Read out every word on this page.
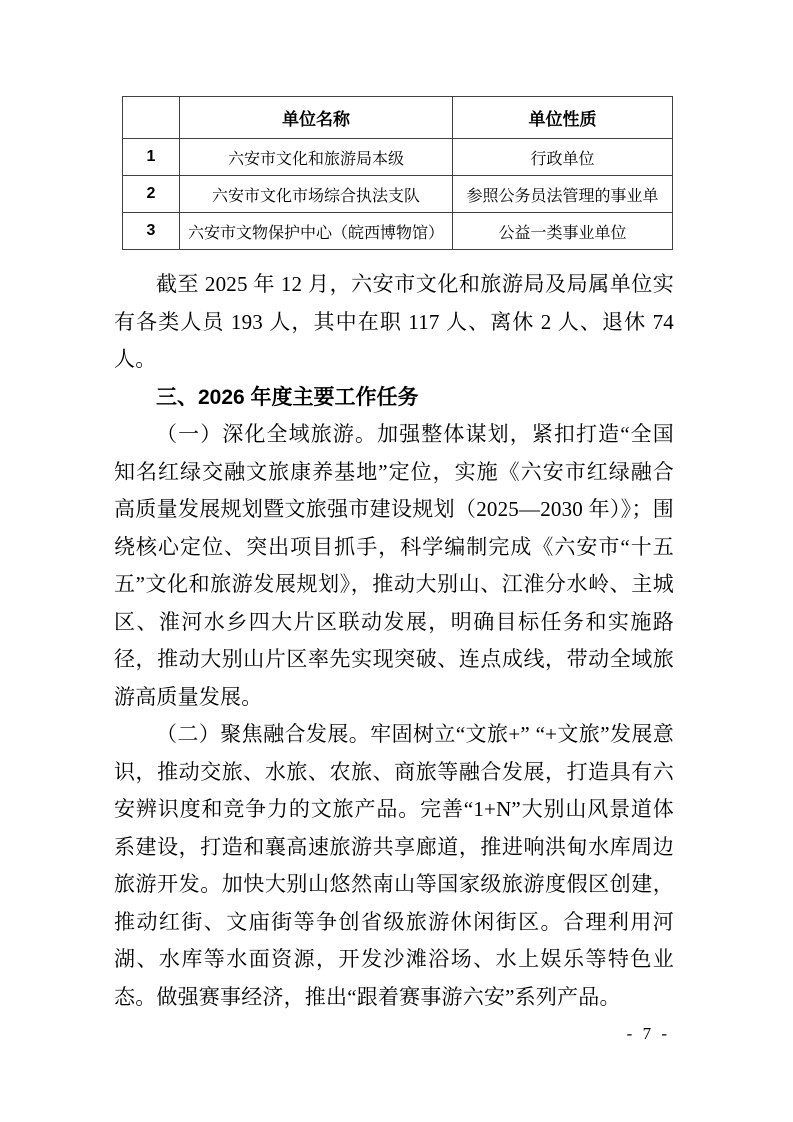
	单位名称	单位性质
1	六安市文化和旅游局本级	行政单位
2	六安市文化市场综合执法支队	参照公务员法管理的事业单
3	六安市文物保护中心（皖西博物馆）	公益一类事业单位

截至 2025 年 12 月，六安市文化和旅游局及局属单位实有各类人员 193 人，其中在职 117 人、离休 2 人、退休 74 人。

三、2026 年度主要工作任务

（一）深化全域旅游。加强整体谋划，紧扣打造“全国知名红绿交融文旅康养基地”定位，实施《六安市红绿融合高质量发展规划暨文旅强市建设规划（2025—2030 年）》；围绕核心定位、突出项目抓手，科学编制完成《六安市“十五五”文化和旅游发展规划》，推动大别山、江淮分水岭、主城区、淮河水乡四大片区联动发展，明确目标任务和实施路径，推动大别山片区率先实现突破、连点成线，带动全域旅游高质量发展。

（二）聚焦融合发展。牢固树立“文旅+” “+文旅”发展意识，推动交旅、水旅、农旅、商旅等融合发展，打造具有六安辨识度和竞争力的文旅产品。完善“1+N”大别山风景道体系建设，打造和襄高速旅游共享廊道，推进响洪甸水库周边旅游开发。加快大别山悠然南山等国家级旅游度假区创建，推动红街、文庙街等争创省级旅游休闲街区。合理利用河湖、水库等水面资源，开发沙滩浴场、水上娱乐等特色业态。做强赛事经济，推出“跟着赛事游六安”系列产品。

- 7 -
